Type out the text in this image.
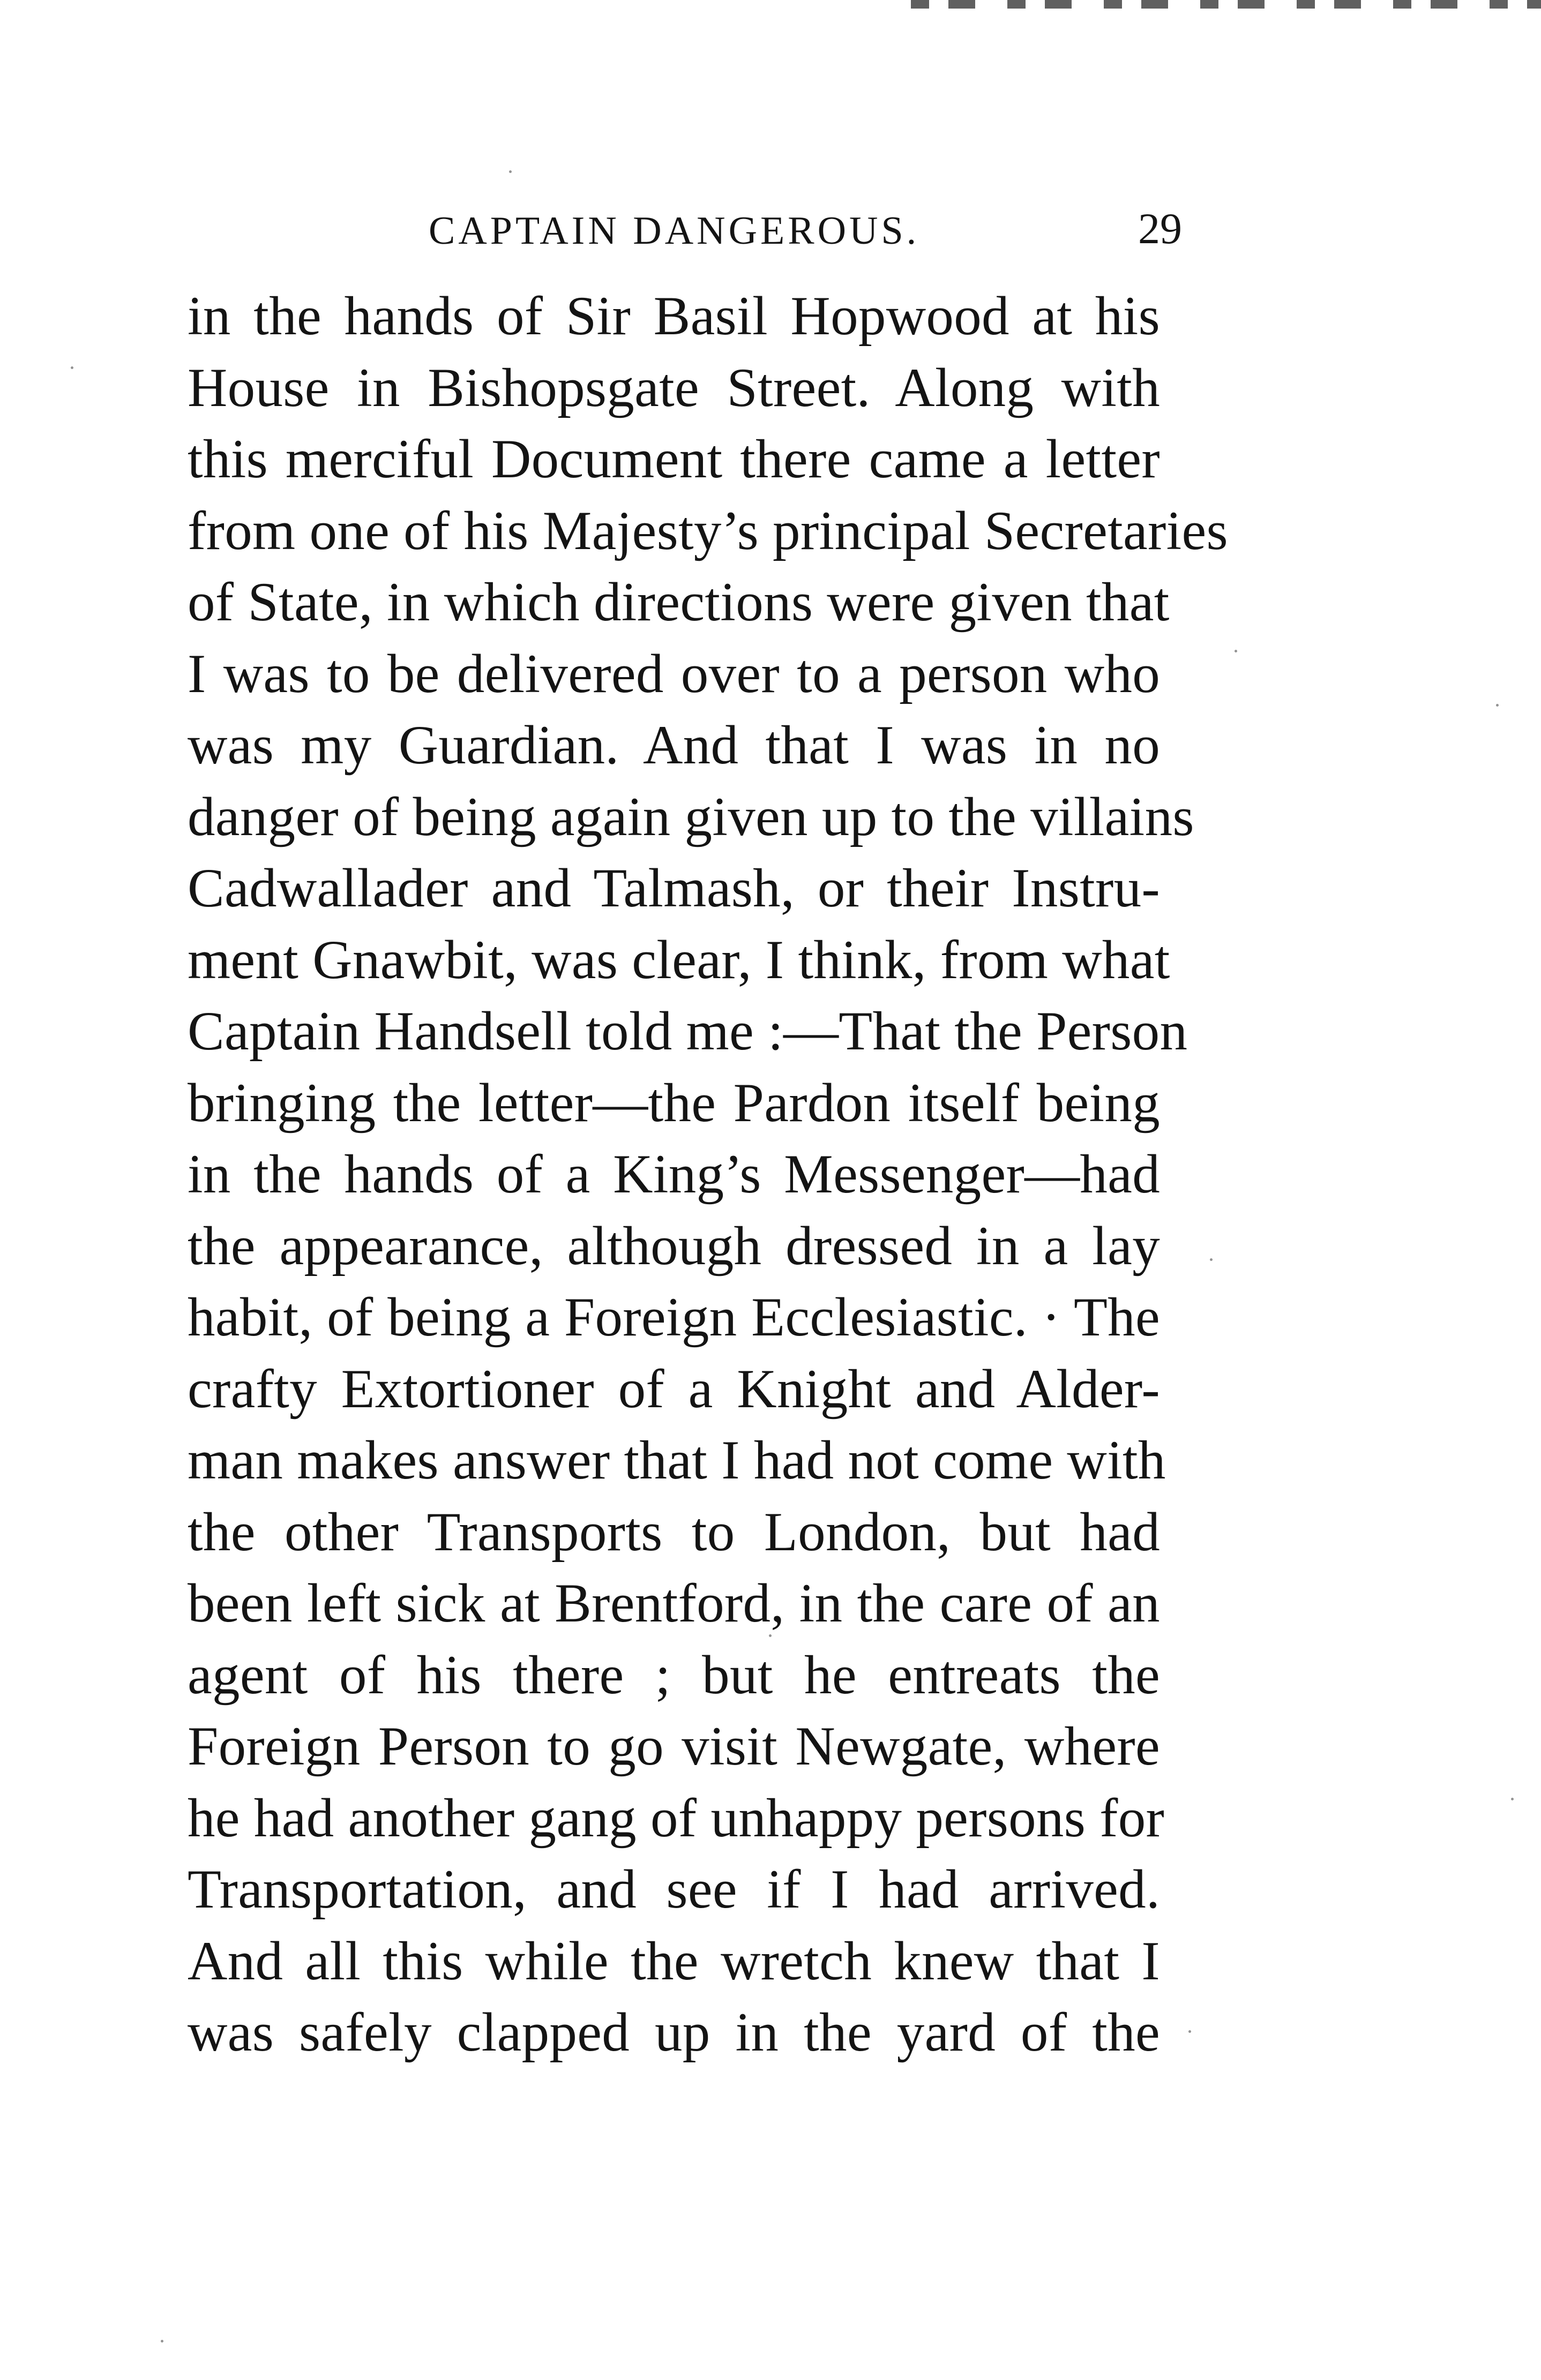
CAPTAIN DANGEROUS.	29
in the hands of Sir Basil Hopwood at his
House in Bishopsgate Street. Along with
this merciful Document there came a letter
from one of his Majesty’s principal Secretaries
of State, in which directions were given that
I was to be delivered over to a person who
was my Guardian. And that I was in no
danger of being again given up to the villains
Cadwallader and Talmash, or their Instru-
ment Gnawbit, was clear, I think, from what
Captain Handsell told me :—That the Person
bringing the letter—the Pardon itself being
in the hands of a King’s Messenger—had
the appearance, although dressed in a lay
habit, of being a Foreign Ecclesiastic. · The
crafty Extortioner of a Knight and Alder-
man makes answer that I had not come with
the other Transports to London, but had
been left sick at Brentford, in the care of an
agent of his there ; but he entreats the
Foreign Person to go visit Newgate, where
he had another gang of unhappy persons for
Transportation, and see if I had arrived.
And all this while the wretch knew that I
was safely clapped up in the yard of the
